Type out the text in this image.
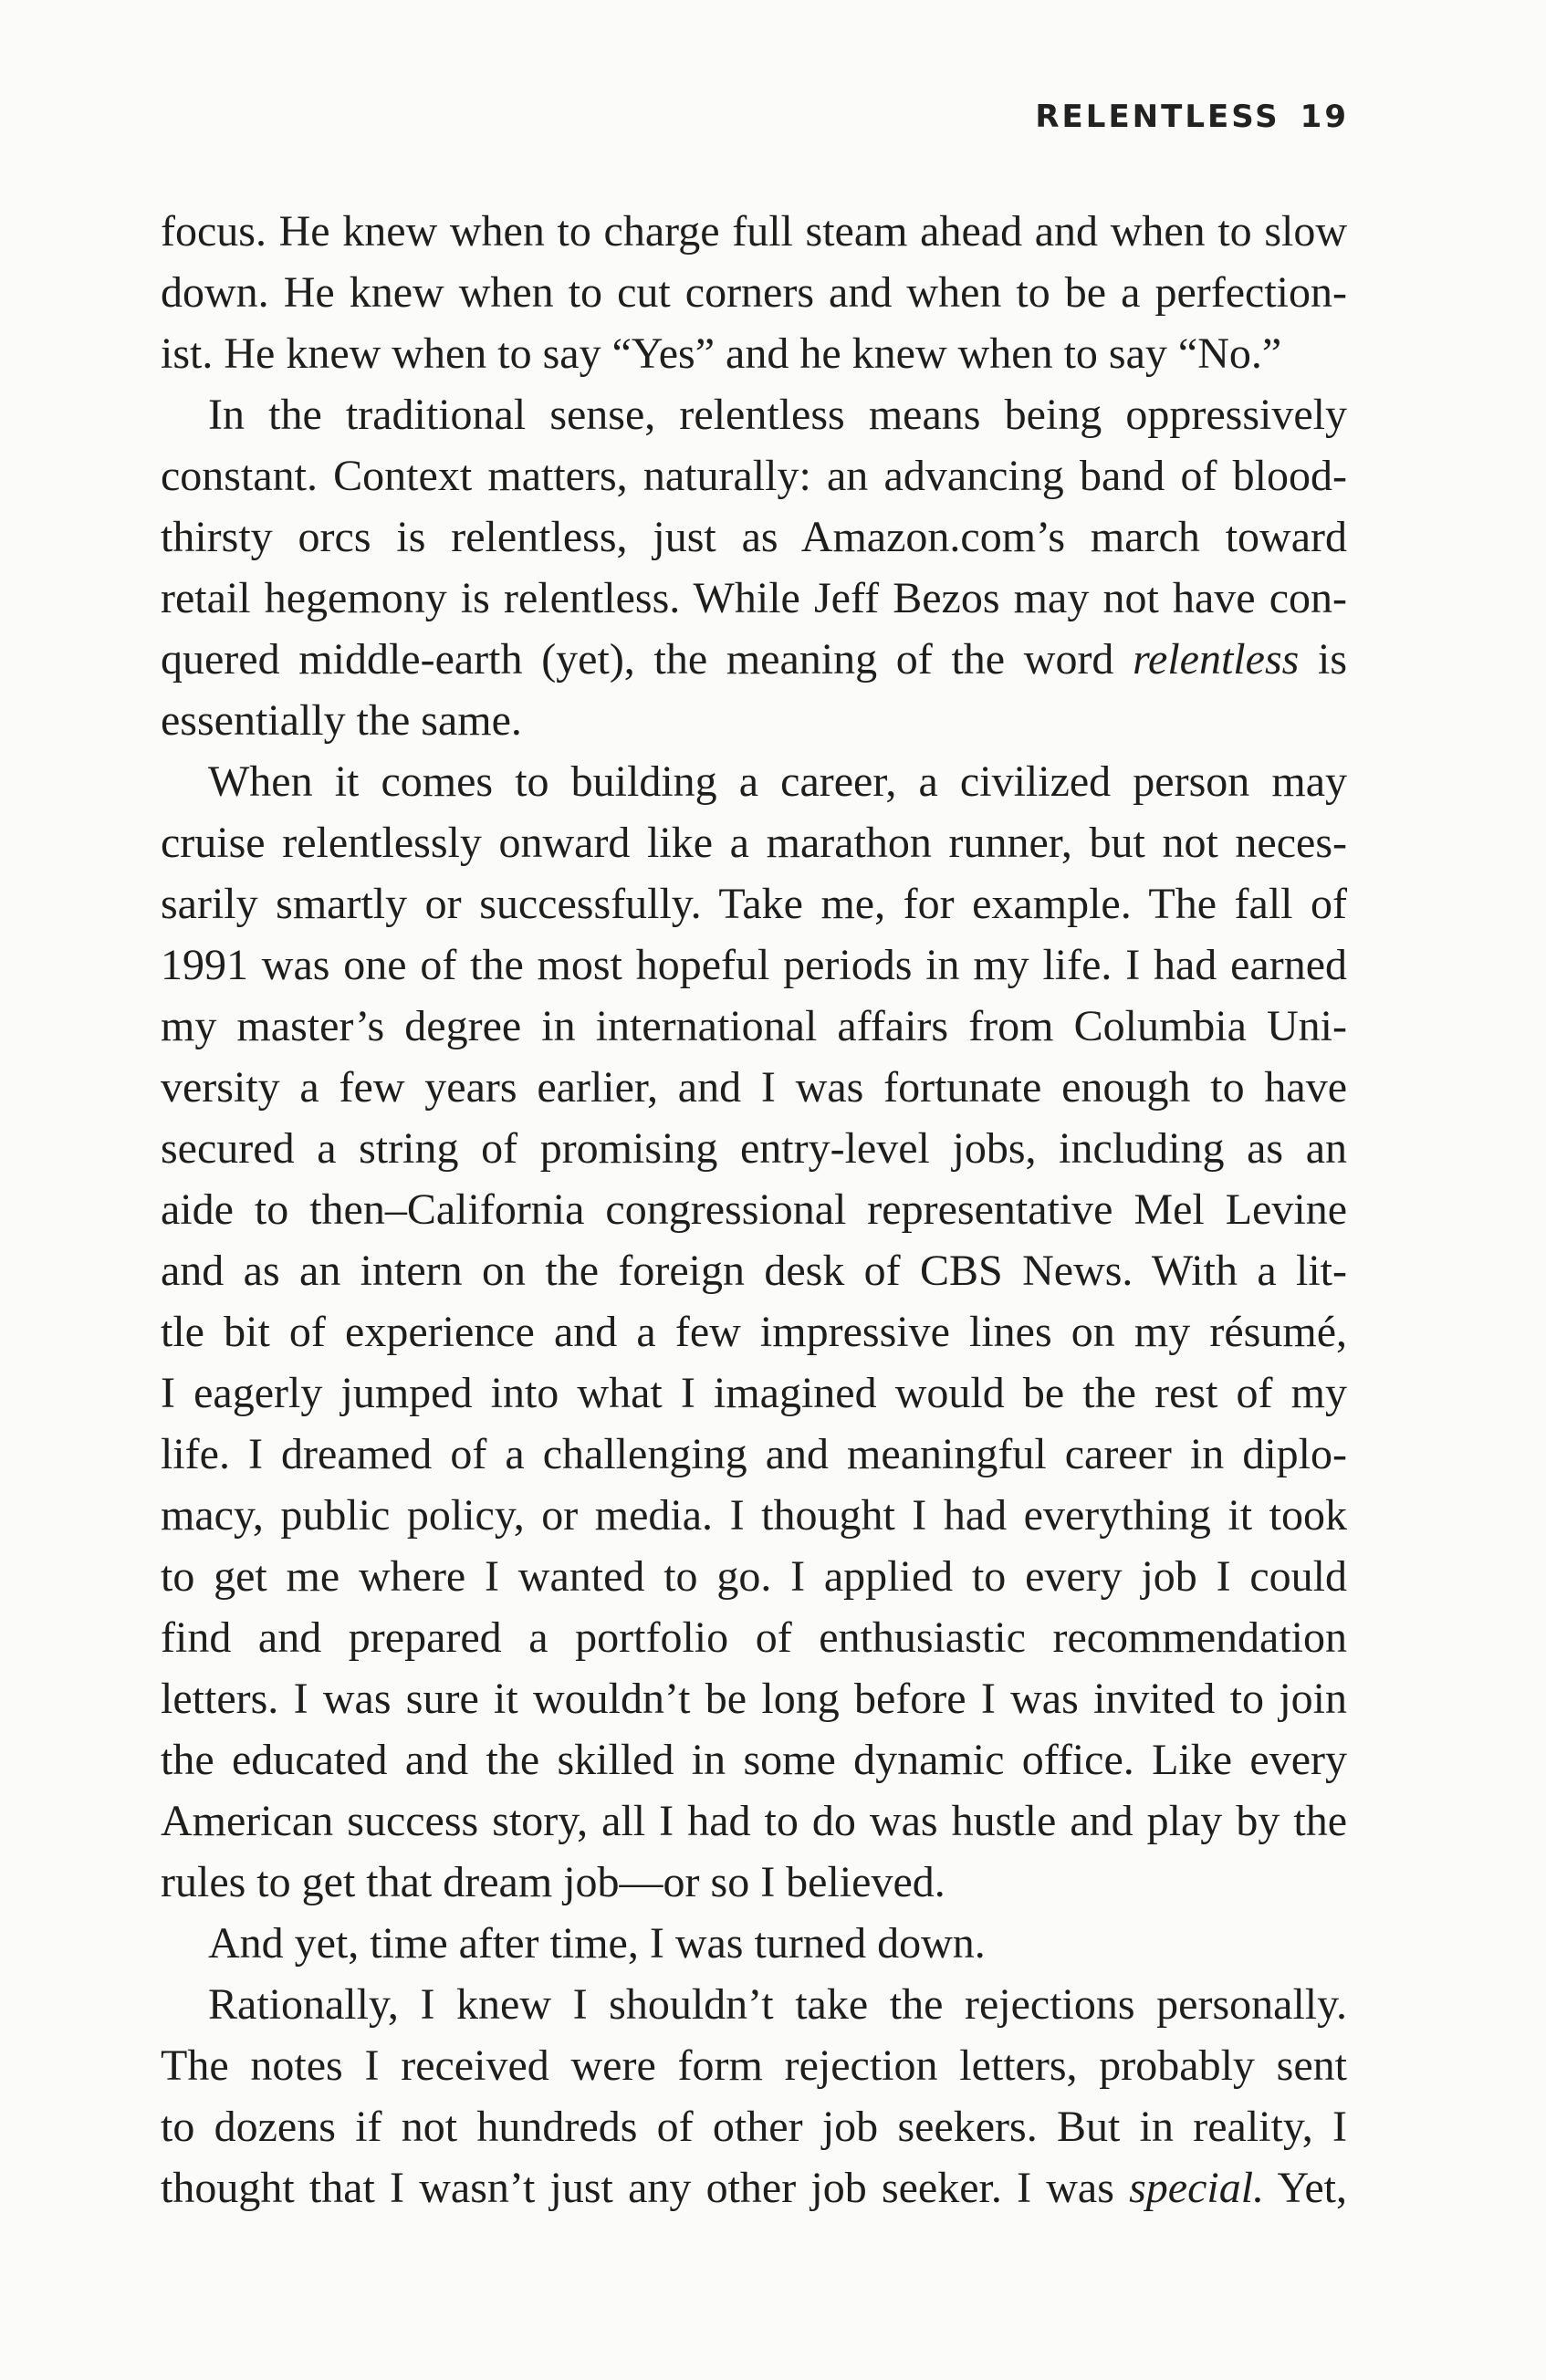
RELENTLESS 19
focus. He knew when to charge full steam ahead and when to slow
down. He knew when to cut corners and when to be a perfection-
ist. He knew when to say “Yes” and he knew when to say “No.”
In the traditional sense, relentless means being oppressively
constant. Context matters, naturally: an advancing band of blood-
thirsty orcs is relentless, just as Amazon.com’s march toward
retail hegemony is relentless. While Jeff Bezos may not have con-
quered middle-earth (yet), the meaning of the word relentless is
essentially the same.
When it comes to building a career, a civilized person may
cruise relentlessly onward like a marathon runner, but not neces-
sarily smartly or successfully. Take me, for example. The fall of
1991 was one of the most hopeful periods in my life. I had earned
my master’s degree in international affairs from Columbia Uni-
versity a few years earlier, and I was fortunate enough to have
secured a string of promising entry-level jobs, including as an
aide to then–California congressional representative Mel Levine
and as an intern on the foreign desk of CBS News. With a lit-
tle bit of experience and a few impressive lines on my résumé,
I eagerly jumped into what I imagined would be the rest of my
life. I dreamed of a challenging and meaningful career in diplo-
macy, public policy, or media. I thought I had everything it took
to get me where I wanted to go. I applied to every job I could
find and prepared a portfolio of enthusiastic recommendation
letters. I was sure it wouldn’t be long before I was invited to join
the educated and the skilled in some dynamic office. Like every
American success story, all I had to do was hustle and play by the
rules to get that dream job—or so I believed.
And yet, time after time, I was turned down.
Rationally, I knew I shouldn’t take the rejections personally.
The notes I received were form rejection letters, probably sent
to dozens if not hundreds of other job seekers. But in reality, I
thought that I wasn’t just any other job seeker. I was special. Yet,
